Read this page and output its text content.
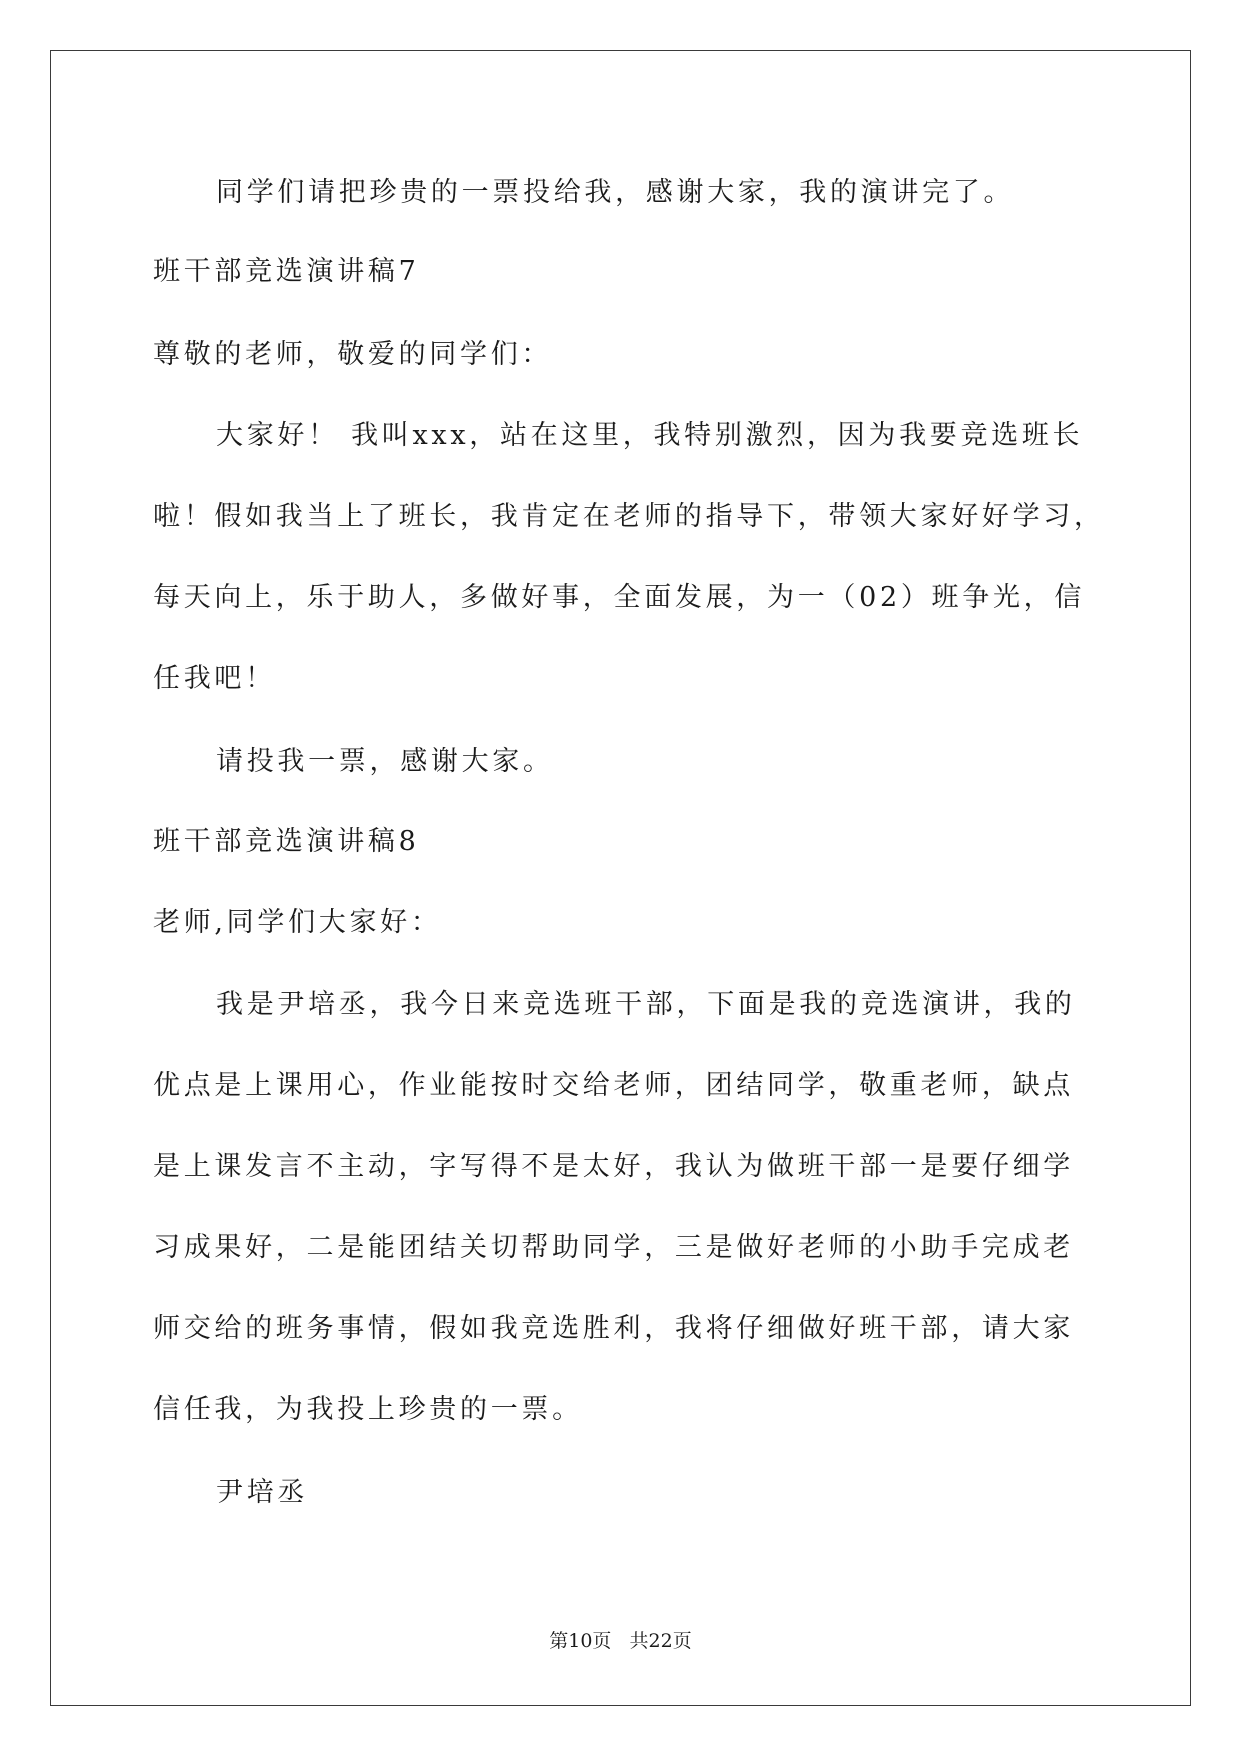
同学们请把珍贵的一票投给我，感谢大家，我的演讲完了。
班干部竞选演讲稿7
尊敬的老师，敬爱的同学们：
大家好！ 我叫xxx，站在这里，我特别激烈，因为我要竞选班长
啦！假如我当上了班长，我肯定在老师的指导下，带领大家好好学习，
每天向上，乐于助人，多做好事，全面发展，为一（02）班争光，信
任我吧！
请投我一票，感谢大家。
班干部竞选演讲稿8
老师,同学们大家好：
我是尹培丞，我今日来竞选班干部，下面是我的竞选演讲，我的
优点是上课用心，作业能按时交给老师，团结同学，敬重老师，缺点
是上课发言不主动，字写得不是太好，我认为做班干部一是要仔细学
习成果好，二是能团结关切帮助同学，三是做好老师的小助手完成老
师交给的班务事情，假如我竞选胜利，我将仔细做好班干部，请大家
信任我，为我投上珍贵的一票。
尹培丞
第10页   共22页
